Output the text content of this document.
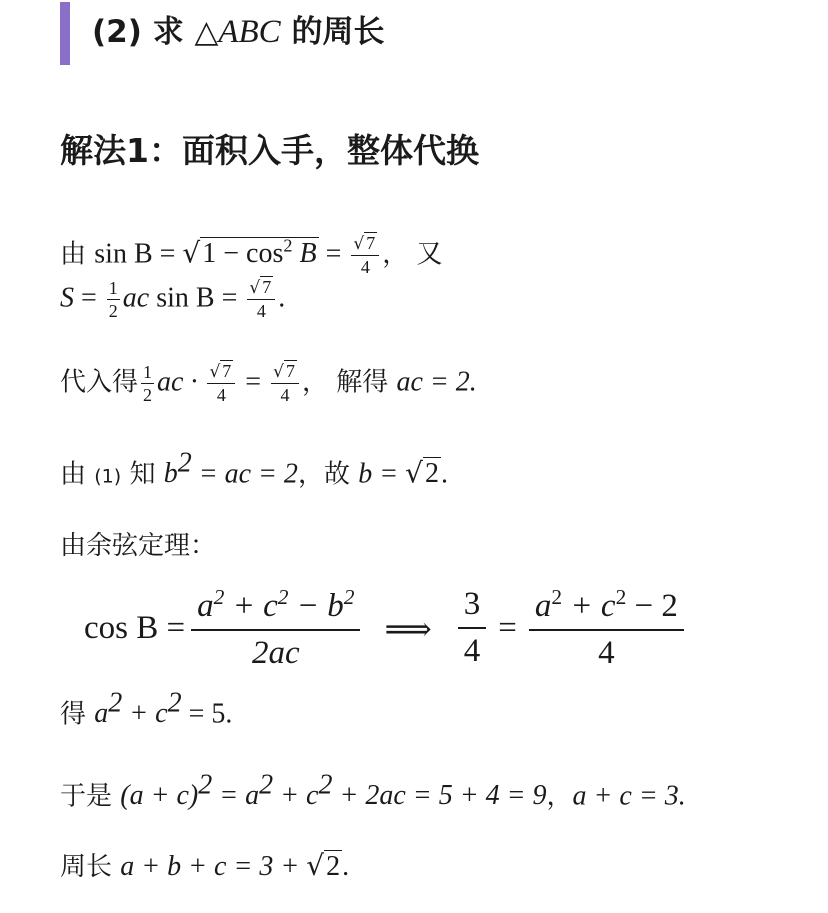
(2) 求 △ABC 的周长
解法1：面积入手，整体代换
由 $\sin B = √1 - \cos^2 B = \frac{√ 7}{4}$ ， 又
$S = \frac{1}{2}$ ac $\sin B = \frac{√ 7}{4}$ .
代入得 $\frac{1}{2}$ ac · $\frac{√ 7}{4} = \frac{√ 7}{4}$ ， 解得 ac = 2.
由 (1) 知 $b^2$ = ac = 2，故 b = √2.
由余弦定理：
$\cos B = \frac{a^2 + c^2 - b^2}{2ac}$ ⟹ $\frac{3}{4} = \frac{a^2 + c^2 - 2}{4}$
得 $a^2 + c^2 = 5$.
于是 $(a + c)^2 = a^2 + c^2 + 2ac = 5 + 4 = 9$，a + c = 3.
周长 a + b + c = 3 + √2.
